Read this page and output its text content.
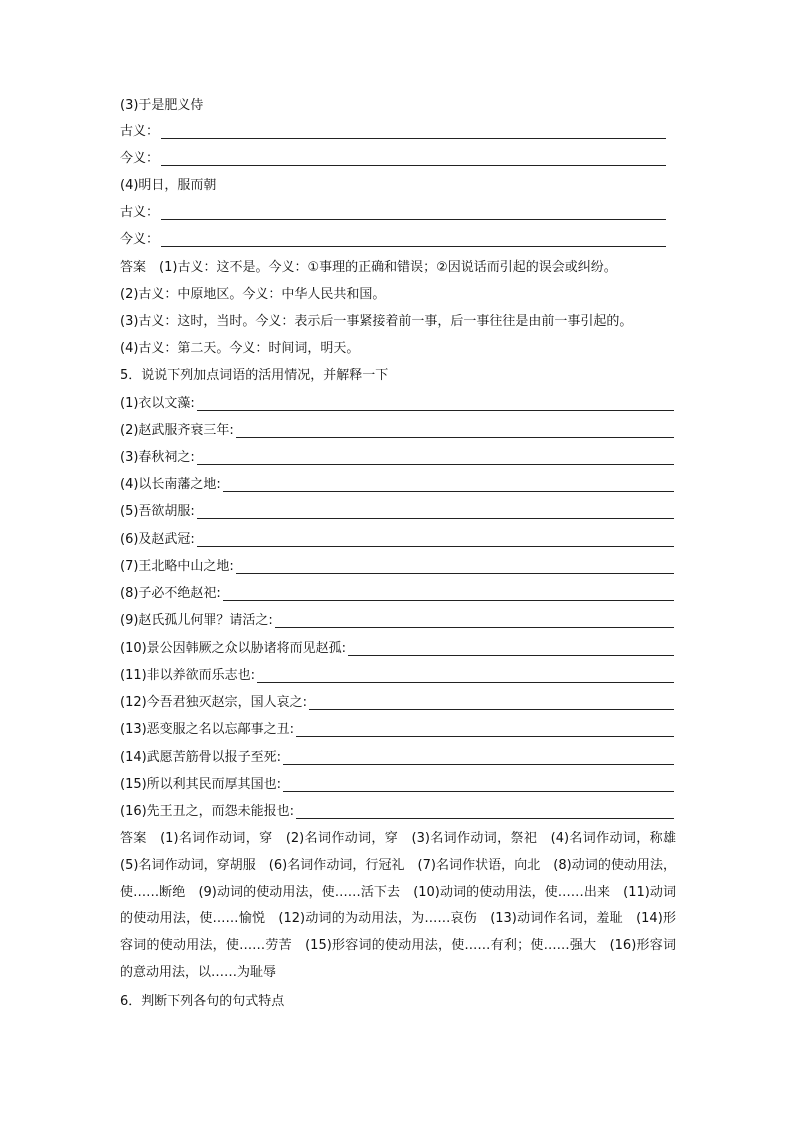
(3)于是肥义侍
古义：
今义：
(4)明日，服而朝
古义：
今义：
答案　 (1)古义：这不是。今义：①事理的正确和错误；②因说话而引起的误会或纠纷。
(2)古义：中原地区。今义：中华人民共和国。
(3)古义：这时，当时。今义：表示后一事紧接着前一事，后一事往往是由前一事引起的。
(4)古义：第二天。今义：时间词，明天。
5．说说下列加点词语的活用情况，并解释一下
(1)衣以文藻:
(2)赵武服齐衰三年:
(3)春秋祠之:
(4)以长南藩之地:
(5)吾欲胡服:
(6)及赵武冠:
(7)王北略中山之地:
(8)子必不绝赵祀:
(9)赵氏孤儿何罪？请活之:
(10)景公因韩厥之众以胁诸将而见赵孤:
(11)非以养欲而乐志也:
(12)今吾君独灭赵宗，国人哀之:
(13)恶变服之名以忘鄗事之丑:
(14)武愿苦筋骨以报子至死:
(15)所以利其民而厚其国也:
(16)先王丑之，而怨未能报也:
答案　 (1)名词作动词，穿　(2)名词作动词，穿　(3)名词作动词，祭祀　(4)名词作动词，称雄　(5)名词作动词，穿胡服　(6)名词作动词，行冠礼　(7)名词作状语，向北　(8)动词的使动用法，使……断绝　(9)动词的使动用法，使……活下去　(10)动词的使动用法，使……出来　(11)动词的使动用法，使……愉悦　(12)动词的为动用法，为……哀伤　(13)动词作名词，羞耻　(14)形容词的使动用法，使……劳苦　(15)形容词的使动用法，使……有利；使……强大　(16)形容词的意动用法，以……为耻辱
6．判断下列各句的句式特点
